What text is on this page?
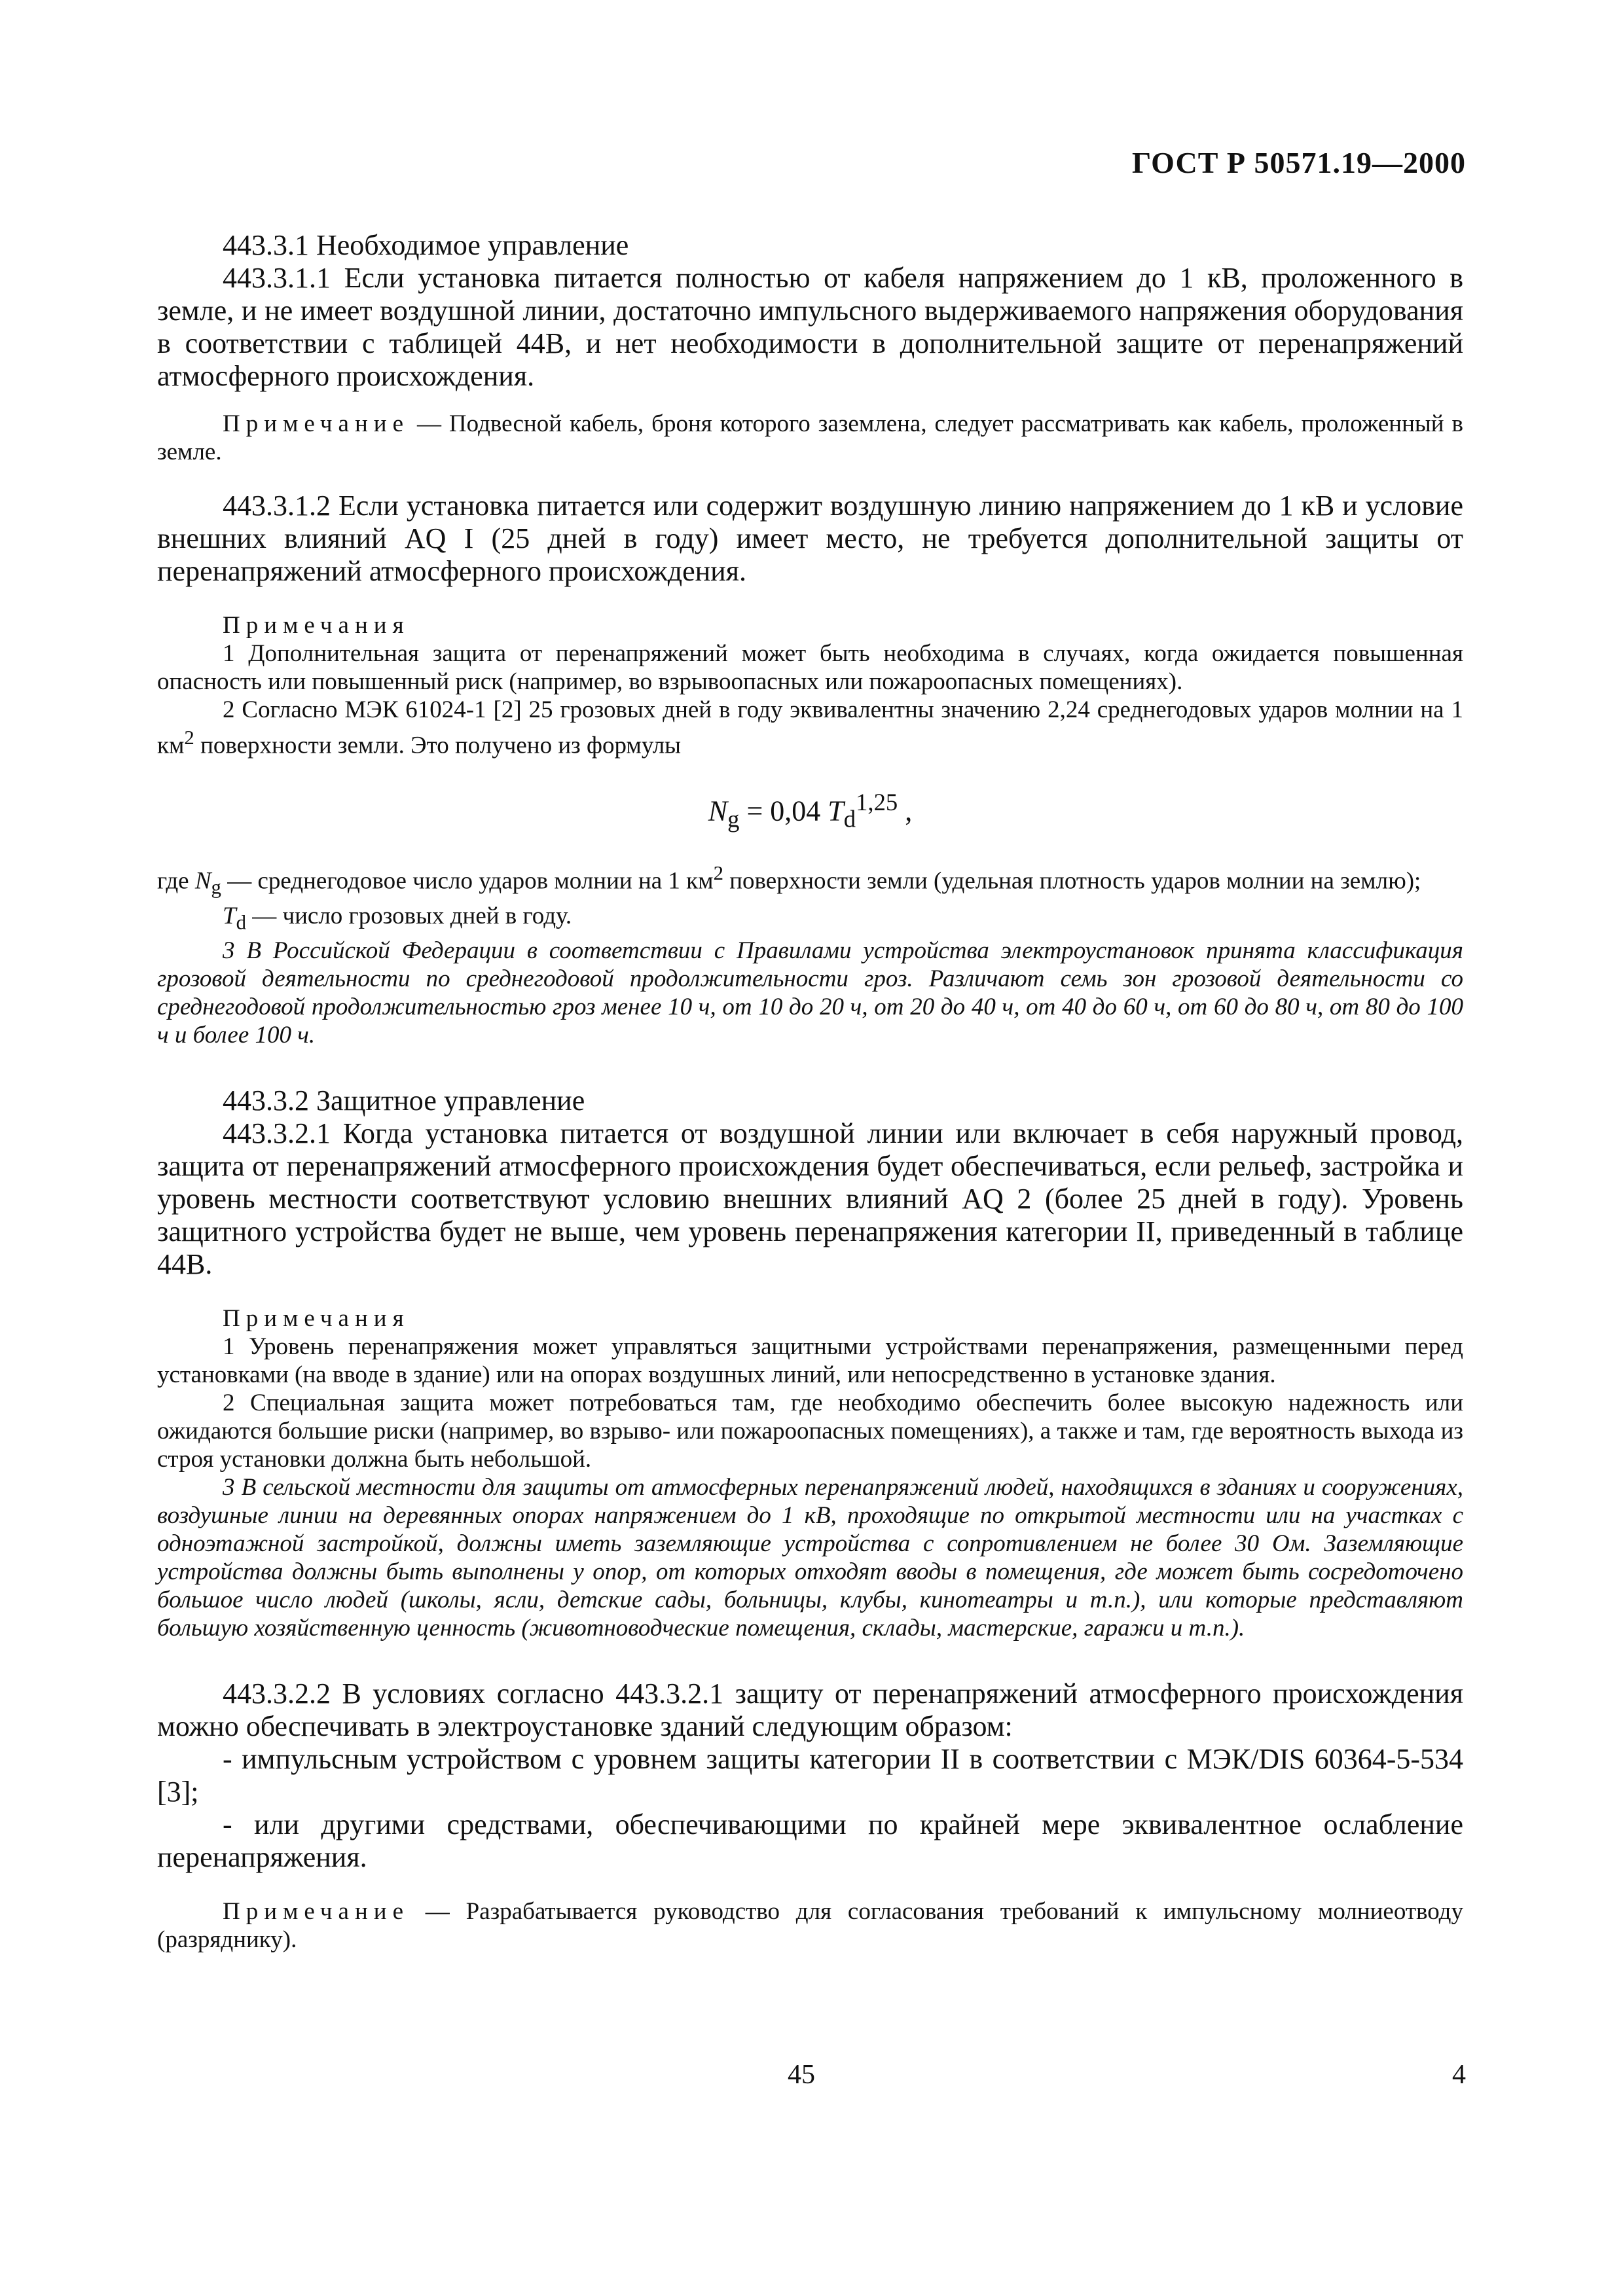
ГОСТ Р 50571.19—2000

443.3.1 Необходимое управление

443.3.1.1 Если установка питается полностью от кабеля напряжением до 1 кВ, проложенного в земле, и не имеет воздушной линии, достаточно импульсного выдерживаемого напряжения оборудования в соответствии с таблицей 44В, и нет необходимости в дополнительной защите от перенапряжений атмосферного происхождения.

Примечание — Подвесной кабель, броня которого заземлена, следует рассматривать как кабель, проложенный в земле.

443.3.1.2 Если установка питается или содержит воздушную линию напряжением до 1 кВ и условие внешних влияний AQ I (25 дней в году) имеет место, не требуется дополнительной защиты от перенапряжений атмосферного происхождения.

Примечания

1 Дополнительная защита от перенапряжений может быть необходима в случаях, когда ожидается повышенная опасность или повышенный риск (например, во взрывоопасных или пожароопасных помещениях).

2 Согласно МЭК 61024-1 [2] 25 грозовых дней в году эквивалентны значению 2,24 среднегодовых ударов молнии на 1 $км^2$ поверхности земли. Это получено из формулы

$N_g = 0,04$ $T_d^{1,25}$ ,

где $N_g$ — среднегодовое число ударов молнии на 1 $км^2$ поверхности земли (удельная плотность ударов молнии на землю);

$T_d$ — число грозовых дней в году.

3 В Российской Федерации в соответствии с Правилами устройства электроустановок принята классификация грозовой деятельности по среднегодовой продолжительности гроз. Различают семь зон грозовой деятельности со среднегодовой продолжительностью гроз менее 10 ч, от 10 до 20 ч, от 20 до 40 ч, от 40 до 60 ч, от 60 до 80 ч, от 80 до 100 ч и более 100 ч.

443.3.2 Защитное управление

443.3.2.1 Когда установка питается от воздушной линии или включает в себя наружный провод, защита от перенапряжений атмосферного происхождения будет обеспечиваться, если рельеф, застройка и уровень местности соответствуют условию внешних влияний AQ 2 (более 25 дней в году). Уровень защитного устройства будет не выше, чем уровень перенапряжения категории II, приведенный в таблице 44В.

Примечания

1 Уровень перенапряжения может управляться защитными устройствами перенапряжения, размещенными перед установками (на вводе в здание) или на опорах воздушных линий, или непосредственно в установке здания.

2 Специальная защита может потребоваться там, где необходимо обеспечить более высокую надежность или ожидаются большие риски (например, во взрыво- или пожароопасных помещениях), а также и там, где вероятность выхода из строя установки должна быть небольшой.

3 В сельской местности для защиты от атмосферных перенапряжений людей, находящихся в зданиях и сооружениях, воздушные линии на деревянных опорах напряжением до 1 кВ, проходящие по открытой местности или на участках с одноэтажной застройкой, должны иметь заземляющие устройства с сопротивлением не более 30 Ом. Заземляющие устройства должны быть выполнены у опор, от которых отходят вводы в помещения, где может быть сосредоточено большое число людей (школы, ясли, детские сады, больницы, клубы, кинотеатры и т.п.), или которые представляют большую хозяйственную ценность (животноводческие помещения, склады, мастерские, гаражи и т.п.).

443.3.2.2 В условиях согласно 443.3.2.1 защиту от перенапряжений атмосферного происхождения можно обеспечивать в электроустановке зданий следующим образом:

- импульсным устройством с уровнем защиты категории II в соответствии с МЭК/DIS 60364-5-534 [3];

- или другими средствами, обеспечивающими по крайней мере эквивалентное ослабление перенапряжения.

Примечание — Разрабатывается руководство для согласования требований к импульсному молниеотводу (разряднику).

45	4
